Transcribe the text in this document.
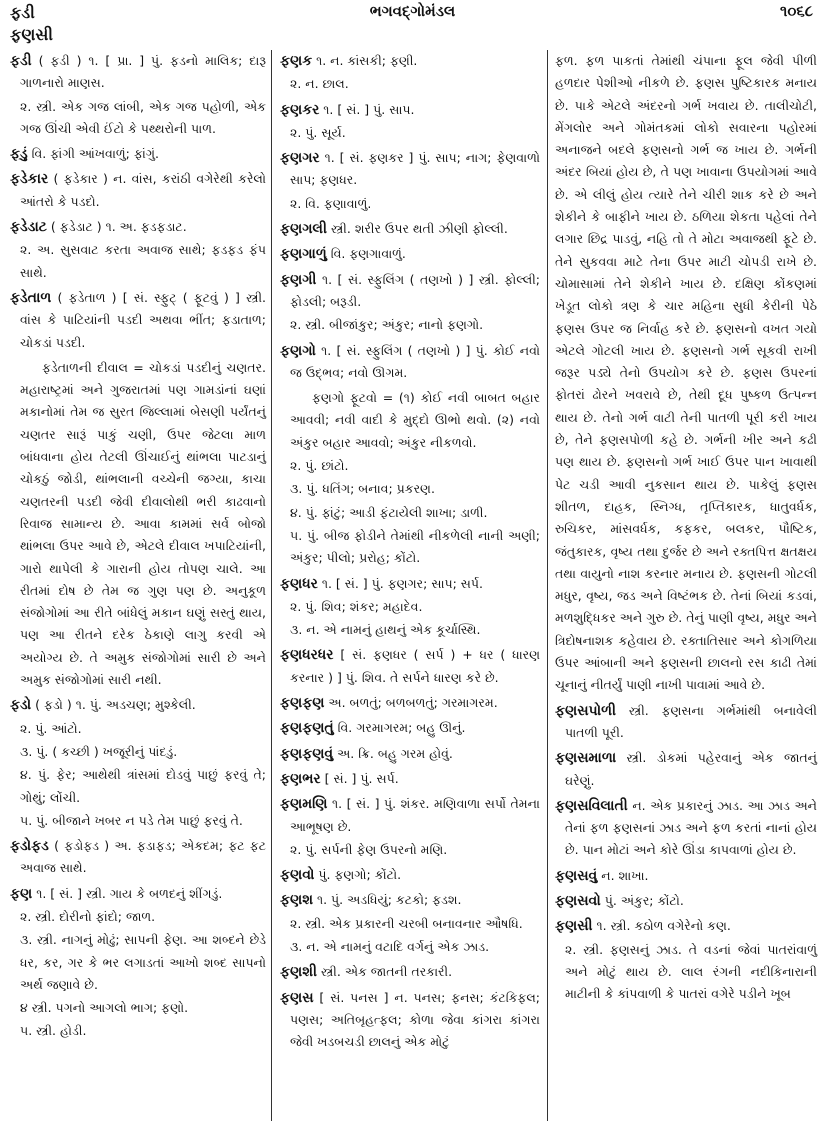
ફડી
ફણસી
ભગવદ્ગોમંડલ	૧૦૬૮

ફડી ( ફડી ) ૧. [ પ્રા. ] પું. ફડનો માલિક; દારૂ ગાળનારો માણસ.

૨. સ્ત્રી. એક ગજ લાંબી, એક ગજ પહોળી, એક ગજ ઊંચી એવી ઈંટો કે પથ્થરોની પાળ.

ફડું વિ. ફાંગી આંખવાળું; ફાંગું.

ફડેકાર ( ફડેકાર ) ન. વાંસ, કરાંઠી વગેરેથી કરેલો આંતરો કે પડદો.

ફડેડાટ ( ફડેડાટ ) ૧. અ. ફડફડાટ.

૨. અ. સુસવાટ કરતા અવાજ સાથે; ફડફડ ફંપ સાથે.

ફડેતાળ ( ફડેતાળ ) [ સં. સ્ફુટ્ ( ફૂટવું ) ] સ્ત્રી. વાંસ કે પાટિયાંની પડદી અથવા ભીંત; ફડાતાળ; ચોકડાં પડદી.

ફડેતાળની દીવાલ = ચોકડાં પડદીનું ચણતર. મહારાષ્ટ્રમાં અને ગુજરાતમાં પણ ગામડાંનાં ઘણાં મકાનોમાં તેમ જ સુરત જિલ્લામાં બેસણી પર્યંતનું ચણતર સારૂં પાકું ચણી, ઉપર જેટલા માળ બાંધવાના હોય તેટલી ઊંચાઈનું થાંભલા પાટડાનું ચોકઠું જોડી, થાંભલાની વચ્ચેની જગ્યા, કાચા ચણતરની પડદી જેવી દીવાલોથી ભરી કાઢવાનો રિવાજ સામાન્ય છે. આવા કામમાં સર્વ બોજો થાંભલા ઉપર આવે છે, એટલે દીવાલ ખપાટિયાંની, ગારો થાપેલી કે ગારાની હોય તોપણ ચાલે. આ રીતમાં દોષ છે તેમ જ ગુણ પણ છે. અનુકૂળ સંજોગોમાં આ રીતે બાંધેલું મકાન ઘણું સસ્તું થાય, પણ આ રીતને દરેક ઠેકાણે લાગુ કરવી એ અયોગ્ય છે. તે અમુક સંજોગોમાં સારી છે અને અમુક સંજોગોમાં સારી નથી.

ફડો ( ફડો ) ૧. પું. અડચણ; મુશ્કેલી.

૨. પું. આંટો.

૩. પું. ( કચ્છી ) ખજૂરીનું પાંદડું.

૪. પું. ફેર; આથેથી ત્રાંસમાં દોડવું પાછું ફરવું તે; ગોથું; લોંચી.

૫. પું. બીજાને ખબર ન પડે તેમ પાછું ફરવું તે.

ફડોફડ ( ફડોફડ ) અ. ફડાફડ; એકદમ; ફટ ફટ અવાજ સાથે.

ફણ ૧. [ સં. ] સ્ત્રી. ગાય કે બળદનું શીંગડું.

૨. સ્ત્રી. દોરીનો ફાંદો; જાળ.

૩. સ્ત્રી. નાગનું મોઢું; સાપની ફેણ. આ શબ્દને છેડે ધર, કર, ગર કે ભર લગાડતાં આખો શબ્દ સાપનો અર્થ જણાવે છે.

૪ સ્ત્રી. પગનો આગલો ભાગ; ફણો.

૫. સ્ત્રી. હોડી.

ફણક ૧. ન. કાંસકી; ફણી.

૨. ન. છાલ.

ફણકર ૧. [ સં. ] પું. સાપ.

૨. પું. સૂર્ય.

ફણગર ૧. [ સં. ફણકર ] પું. સાપ; નાગ; ફેણવાળો સાપ; ફણધર.

૨. વિ. ફણાવાળું.

ફણગલી સ્ત્રી. શરીર ઉપર થતી ઝીણી ફોલ્લી.

ફણગાળું વિ. ફણગાવાળું.

ફણગી ૧. [ સં. સ્ફુલિંગ ( તણખો ) ] સ્ત્રી. ફોલ્લી; ફોડલી; બરૂડી.

૨. સ્ત્રી. બીજાંકુર; અંકુર; નાનો ફણગો.

ફણગો ૧. [ સં. સ્ફુલિંગ ( તણખો ) ] પું. કોઈ નવો જ ઉદ્ભવ; નવો ઊગમ.

ફણગો ફૂટવો = (૧) કોઈ નવી બાબત બહાર આવવી; નવી વાદી કે મુદ્દો ઊભો થવો. (૨) નવો અંકુર બહાર આવવો; અંકુર નીકળવો.

૨. પું. છાંટો.

૩. પું. ધતિંગ; બનાવ; પ્રકરણ.

૪. પું. ફાંટું; આડી ફંટાયેલી શાખા; ડાળી.

૫. પું. બીજ ફોડીને તેમાંથી નીકળેલી નાની અણી; અંકુર; પીલો; પ્રરોહ; કોંટો.

ફણધર ૧. [ સં. ] પું. ફણગર; સાપ; સર્પ.

૨. પું. શિવ; શંકર; મહાદેવ.

૩. ન. એ નામનું હાથનું એક કૂર્ચાસ્થિ.

ફણધરધર [ સં. ફણધર ( સર્પ ) + ધર ( ધારણ કરનાર ) ] પું. શિવ. તે સર્પને ધારણ કરે છે.

ફણફણ અ. બળતું; બળબળતું; ગરમાગરમ.

ફણફણતું વિ. ગરમાગરમ; બહુ ઊનું.

ફણફણવું અ. ક્રિ. બહુ ગરમ હોવું.

ફણભર [ સં. ] પું. સર્પ.

ફણમણિ ૧. [ સં. ] પું. શંકર. મણિવાળા સર્પો તેમના આભૂષણ છે.

૨. પું. સર્પની ફેણ ઉપરનો મણિ.

ફણવો પું. ફણગો; કોંટો.

ફણશ ૧. પું. અડધિયું; કટકો; ફડશ.

૨. સ્ત્રી. એક પ્રકારની ચરબી બનાવનાર ઔષધિ.

૩. ન. એ નામનું વટાદિ વર્ગનું એક ઝાડ.

ફણશી સ્ત્રી. એક જાતની તરકારી.

ફણસ [ સં. પનસ ] ન. પનસ; ફનસ; કંટકિફલ; પણસ; અતિબૃહત્ફલ; કોળા જેવા કાંગરા કાંગરા જેવી ખડબચડી છાલનું એક મોટું

ફળ. ફળ પાકતાં તેમાંથી ચંપાના ફૂલ જેવી પીળી હળદાર પેશીઓ નીકળે છે. ફણસ પુષ્ટિકારક મનાય છે. પાકે એટલે અંદરનો ગર્ભ ખવાય છે. તાલીચોટી, મેંગલોર અને ગોમંતકમાં લોકો સવારના પહોરમાં અનાજને બદલે ફણસનો ગર્ભ જ ખાય છે. ગર્ભની અંદર બિયાં હોય છે, તે પણ ખાવાના ઉપયોગમાં આવે છે. એ લીલું હોય ત્યારે તેને ચીરી શાક કરે છે અને શેકીને કે બાફીને ખાય છે. ઠળિયા શેકતા પહેલાં તેને લગાર છિદ્ર પાડવું, નહિ તો તે મોટા અવાજથી ફૂટે છે. તેને સુકવવા માટે તેના ઉપર માટી ચોપડી રાખે છે. ચોમાસામાં તેને શેકીને ખાય છે. દક્ષિણ કોંકણમાં ખેડૂત લોકો ત્રણ કે ચાર મહિના સુધી કેરીની પેઠે ફણસ ઉપર જ નિર્વાહ કરે છે. ફણસનો વખત ગયો એટલે ગોટલી ખાય છે. ફણસનો ગર્ભ સૂકવી રાખી જરૂર પડ્યે તેનો ઉપયોગ કરે છે. ફણસ ઉપરનાં ફોતરાં ઢોરને ખવરાવે છે, તેથી દૂધ પુષ્કળ ઉત્પન્ન થાય છે. તેનો ગર્ભ વાટી તેની પાતળી પૂરી કરી ખાય છે, તેને ફણસપોળી કહે છે. ગર્ભની ખીર અને કઢી પણ થાય છે. ફણસનો ગર્ભ ખાઈ ઉપર પાન ખાવાથી પેટ ચડી આવી નુકસાન થાય છે. પાકેલું ફણસ શીતળ, દાહક, સ્નિગ્ધ, તૃપ્તિકારક, ધાતુવર્ધક, રુચિકર, માંસવર્ધક, કફકર, બલકર, પૌષ્ટિક, જંતુકારક, વૃષ્ય તથા દુર્જર છે અને રક્તપિત્ત ક્ષતક્ષય તથા વાયુનો નાશ કરનાર મનાય છે. ફણસની ગોટલી મધુર, વૃષ્ય, જડ અને વિષ્ટંભક છે. તેનાં બિયાં કડવાં, મળશુદ્ધિકર અને ગુરુ છે. તેનું પાણી વૃષ્ય, મધુર અને ત્રિદોષનાશક કહેવાય છે. રક્તાતિસાર અને કોગળિયા ઉપર આંબાની અને ફણસની છાલનો રસ કાઢી તેમાં ચૂનાનું નીતર્યું પાણી નાખી પાવામાં આવે છે.

ફણસપોળી સ્ત્રી. ફણસના ગર્ભમાંથી બનાવેલી પાતળી પૂરી.

ફણસમાળા સ્ત્રી. ડોકમાં પહેરવાનું એક જાતનું ઘરેણું.

ફણસવિલાતી ન. એક પ્રકારનું ઝાડ. આ ઝાડ અને તેનાં ફળ ફણસનાં ઝાડ અને ફળ કરતાં નાનાં હોય છે. પાન મોટાં અને કોરે ઊંડા કાપવાળાં હોય છે.

ફણસવું ન. શાખા.

ફણસવો પું. અંકુર; કોંટો.

ફણસી ૧. સ્ત્રી. કઠોળ વગેરેનો કણ.

૨. સ્ત્રી. ફણસનું ઝાડ. તે વડનાં જેવાં પાતરાંવાળું અને મોટું થાય છે. લાલ રંગની નદીકિનારાની માટીની કે કાંપવાળી કે પાતરાં વગેરે પડીને ખૂબ
